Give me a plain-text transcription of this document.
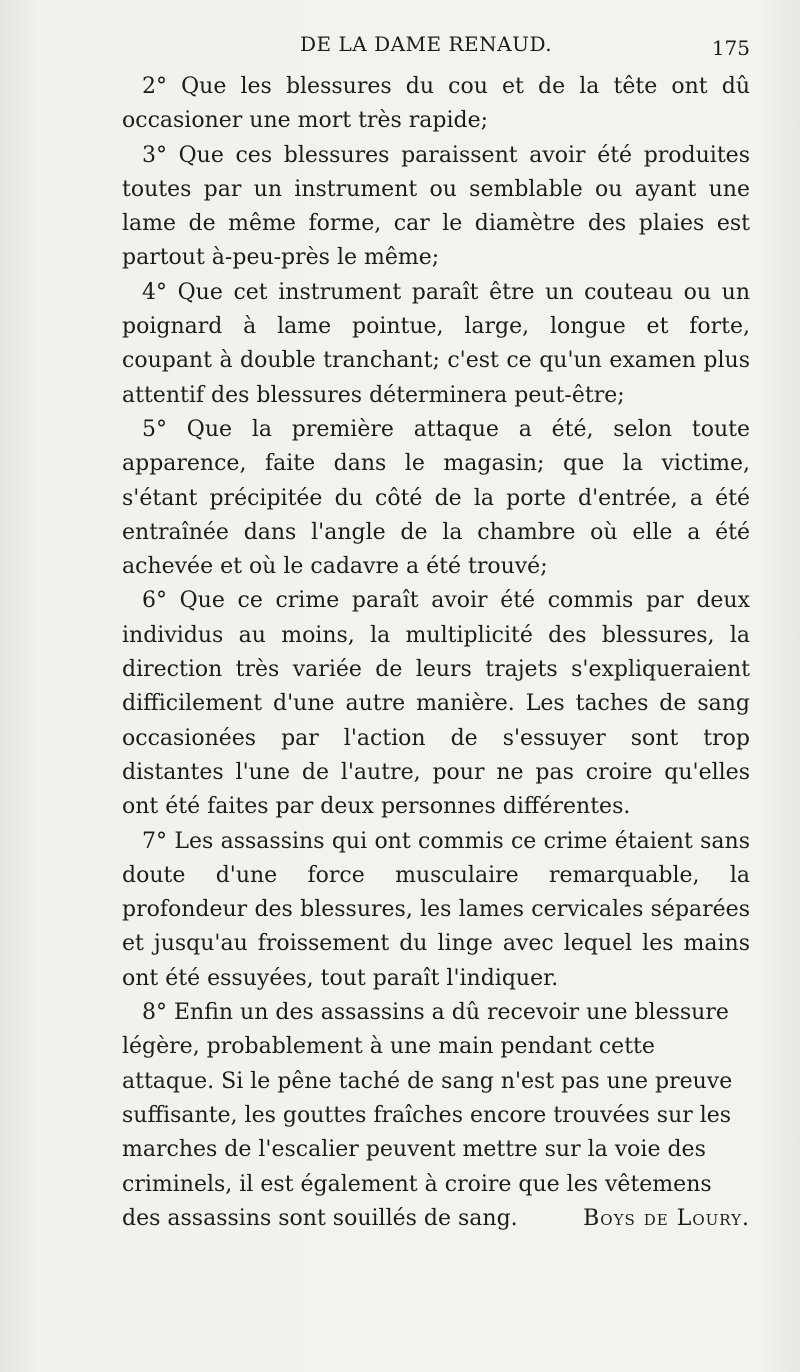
DE LA DAME RENAUD.	175

2° Que les blessures du cou et de la tête ont dû occasioner une mort très rapide;

3° Que ces blessures paraissent avoir été produites toutes par un instrument ou semblable ou ayant une lame de même forme, car le diamètre des plaies est partout à-peu-près le même;

4° Que cet instrument paraît être un couteau ou un poignard à lame pointue, large, longue et forte, coupant à double tranchant; c'est ce qu'un examen plus attentif des blessures déterminera peut-être;

5° Que la première attaque a été, selon toute apparence, faite dans le magasin; que la victime, s'étant précipitée du côté de la porte d'entrée, a été entraînée dans l'angle de la chambre où elle a été achevée et où le cadavre a été trouvé;

6° Que ce crime paraît avoir été commis par deux individus au moins, la multiplicité des blessures, la direction très variée de leurs trajets s'expliqueraient difficilement d'une autre manière. Les taches de sang occasionées par l'action de s'essuyer sont trop distantes l'une de l'autre, pour ne pas croire qu'elles ont été faites par deux personnes différentes.

7° Les assassins qui ont commis ce crime étaient sans doute d'une force musculaire remarquable, la profondeur des blessures, les lames cervicales séparées et jusqu'au froissement du linge avec lequel les mains ont été essuyées, tout paraît l'indiquer.

8° Enfin un des assassins a dû recevoir une blessure légère, probablement à une main pendant cette attaque. Si le pêne taché de sang n'est pas une preuve suffisante, les gouttes fraîches encore trouvées sur les marches de l'escalier peuvent mettre sur la voie des criminels, il est également à croire que les vêtemens des assassins sont souillés de sang.	Boys de Loury.
